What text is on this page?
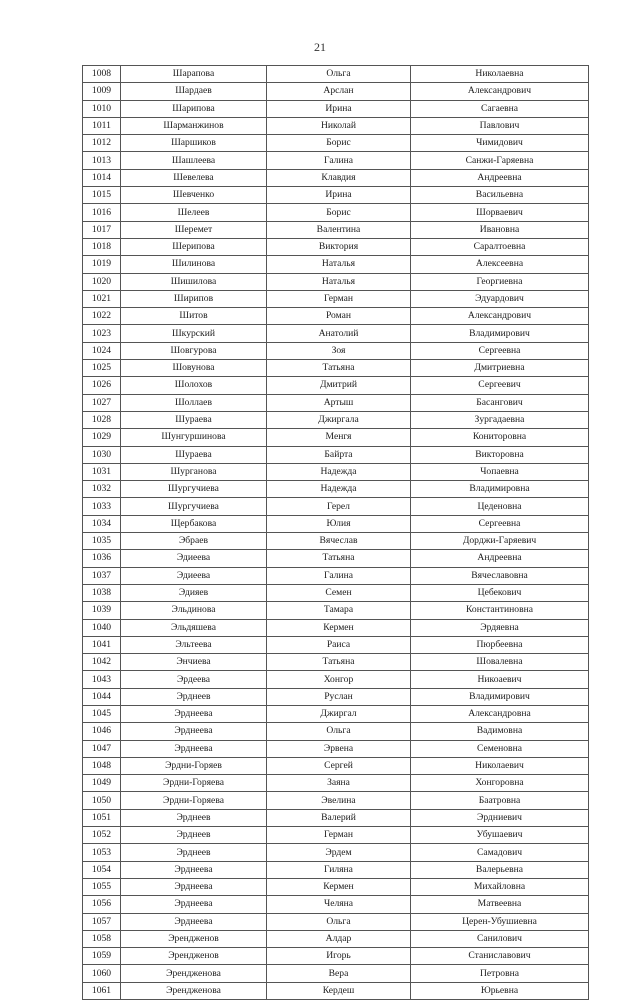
21
1008	Шарапова	Ольга	Николаевна
1009	Шардаев	Арслан	Александрович
1010	Шарипова	Ирина	Сагаевна
1011	Шарманжинов	Николай	Павлович
1012	Шаршиков	Борис	Чимидович
1013	Шашлеева	Галина	Санжи-Гаряевна
1014	Шевелева	Клавдия	Андреевна
1015	Шевченко	Ирина	Васильевна
1016	Шелеев	Борис	Шорваевич
1017	Шеремет	Валентина	Ивановна
1018	Шерипова	Виктория	Саралтоевна
1019	Шилинова	Наталья	Алексеевна
1020	Шишилова	Наталья	Георгиевна
1021	Ширипов	Герман	Эдуардович
1022	Шитов	Роман	Александрович
1023	Шкурский	Анатолий	Владимирович
1024	Шовгурова	Зоя	Сергеевна
1025	Шовунова	Татьяна	Дмитриевна
1026	Шолохов	Дмитрий	Сергеевич
1027	Шоллаев	Артыш	Басангович
1028	Шураева	Джиргала	Зургадаевна
1029	Шунгуршинова	Менгя	Кониторовна
1030	Шураева	Байрта	Викторовна
1031	Шурганова	Надежда	Чопаевна
1032	Шургучиева	Надежда	Владимировна
1033	Шургучиева	Герел	Цеденовна
1034	Щербакова	Юлия	Сергеевна
1035	Эбраев	Вячеслав	Дорджи-Гаряевич
1036	Эдиеева	Татьяна	Андреевна
1037	Эдиеева	Галина	Вячеславовна
1038	Эдияев	Семен	Цебекович
1039	Эльдинова	Тамара	Константиновна
1040	Эльдяшева	Кермен	Эрдяевна
1041	Эльтеева	Раиса	Пюрбеевна
1042	Энчиева	Татьяна	Шовалевна
1043	Эрдеева	Хонгор	Никоаевич
1044	Эрднеев	Руслан	Владимирович
1045	Эрднеева	Джиргал	Александровна
1046	Эрднеева	Ольга	Вадимовна
1047	Эрднеева	Эрвена	Семеновна
1048	Эрдни-Горяев	Сергей	Николаевич
1049	Эрдни-Горяева	Заяна	Хонгоровна
1050	Эрдни-Горяева	Эвелина	Баатровна
1051	Эрднеев	Валерий	Эрдниевич
1052	Эрднеев	Герман	Убушаевич
1053	Эрднеев	Эрдем	Самадович
1054	Эрднеева	Гиляна	Валерьевна
1055	Эрднеева	Кермен	Михайловна
1056	Эрднеева	Челяна	Матвеевна
1057	Эрднеева	Ольга	Церен-Убушиевна
1058	Эрендженов	Алдар	Санилович
1059	Эрендженов	Игорь	Станиславович
1060	Эрендженова	Вера	Петровна
1061	Эрендженова	Кердеш	Юрьевна
